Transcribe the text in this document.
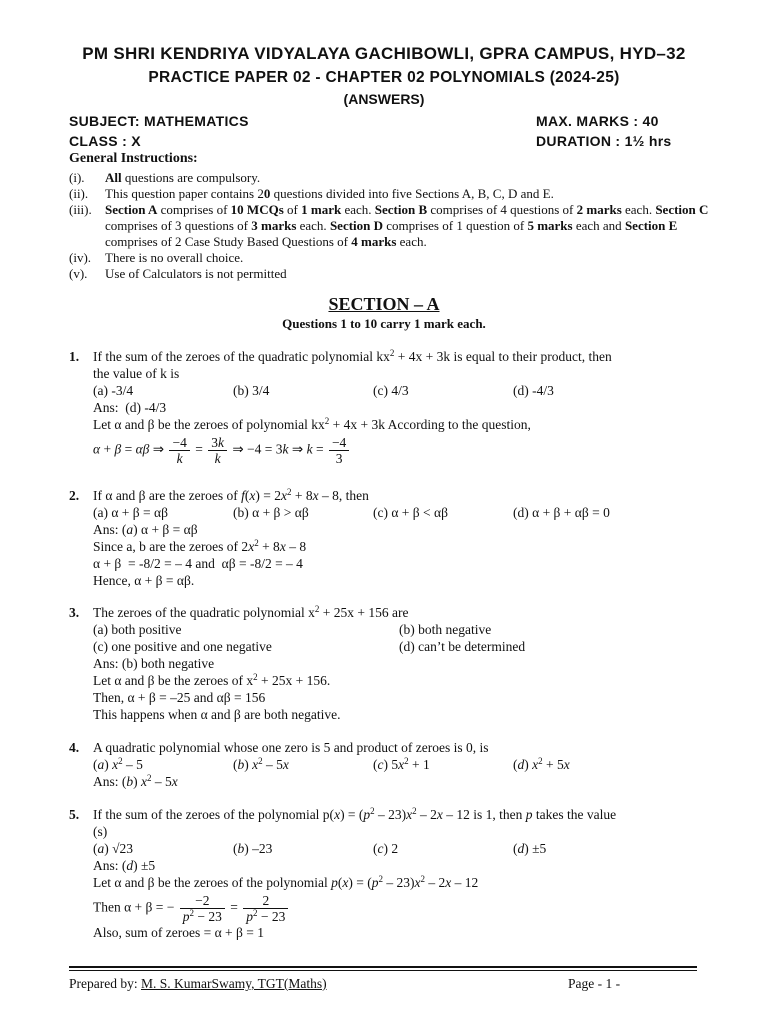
PM SHRI KENDRIYA VIDYALAYA GACHIBOWLI, GPRA CAMPUS, HYD–32
PRACTICE PAPER 02 - CHAPTER 02 POLYNOMIALS (2024-25)
(ANSWERS)
SUBJECT: MATHEMATICS	MAX. MARKS : 40
CLASS : X	DURATION : 1½ hrs
General Instructions:
(i). All questions are compulsory.
(ii). This question paper contains 20 questions divided into five Sections A, B, C, D and E.
(iii). Section A comprises of 10 MCQs of 1 mark each. Section B comprises of 4 questions of 2 marks each. Section C comprises of 3 questions of 3 marks each. Section D comprises of 1 question of 5 marks each and Section E comprises of 2 Case Study Based Questions of 4 marks each.
(iv). There is no overall choice.
(v). Use of Calculators is not permitted
SECTION – A
Questions 1 to 10 carry 1 mark each.
1. If the sum of the zeroes of the quadratic polynomial $kx^2 + 4x + 3k$ is equal to their product, then
the value of k is
(a) -3/4	(b) 3/4	(c) 4/3	(d) -4/3
Ans:  (d) -4/3
Let α and β be the zeroes of polynomial $kx^2 + 4x + 3k$ According to the question,
α + β = αβ ⇒ $\frac{-4}{k} = \frac{3k}{k}$ ⇒ −4 = 3k ⇒ $k = \frac{-4}{3}$
2. If α and β are the zeroes of $f(x) = 2x^2 + 8x - 8$, then
(a) α + β = αβ	(b) α + β > αβ	(c) α + β < αβ	(d) α + β + αβ = 0
Ans: (a) α + β = αβ
Since a, b are the zeroes of $2x^2 + 8x - 8$
α + β  = -8/2 = – 4 and  αβ = -8/2 = – 4
Hence, α + β = αβ.
3. The zeroes of the quadratic polynomial $x^2 + 25x + 156$ are
(a) both positive	(b) both negative
(c) one positive and one negative	(d) can’t be determined
Ans: (b) both negative
Let α and β be the zeroes of $x^2 + 25x + 156$.
Then, α + β = –25 and αβ = 156
This happens when α and β are both negative.
4. A quadratic polynomial whose one zero is 5 and product of zeroes is 0, is
(a) $x^2 - 5$	(b) $x^2 - 5x$	(c) $5x^2 + 1$	(d) $x^2 + 5x$
Ans: (b) $x^2 - 5x$
5. If the sum of the zeroes of the polynomial $p(x) = (p^2 - 23)x^2 - 2x - 12$ is 1, then p takes the value
(s)
(a) √23	(b) –23	(c) 2	(d) ±5
Ans: (d) ±5
Let α and β be the zeroes of the polynomial $p(x) = (p^2 - 23)x^2 - 2x - 12$
Then α + β = − $\frac{-2}{p^2 - 23} = \frac{2}{p^2 - 23}$
Also, sum of zeroes = α + β = 1
Prepared by: M. S. KumarSwamy, TGT(Maths)	Page - 1 -
